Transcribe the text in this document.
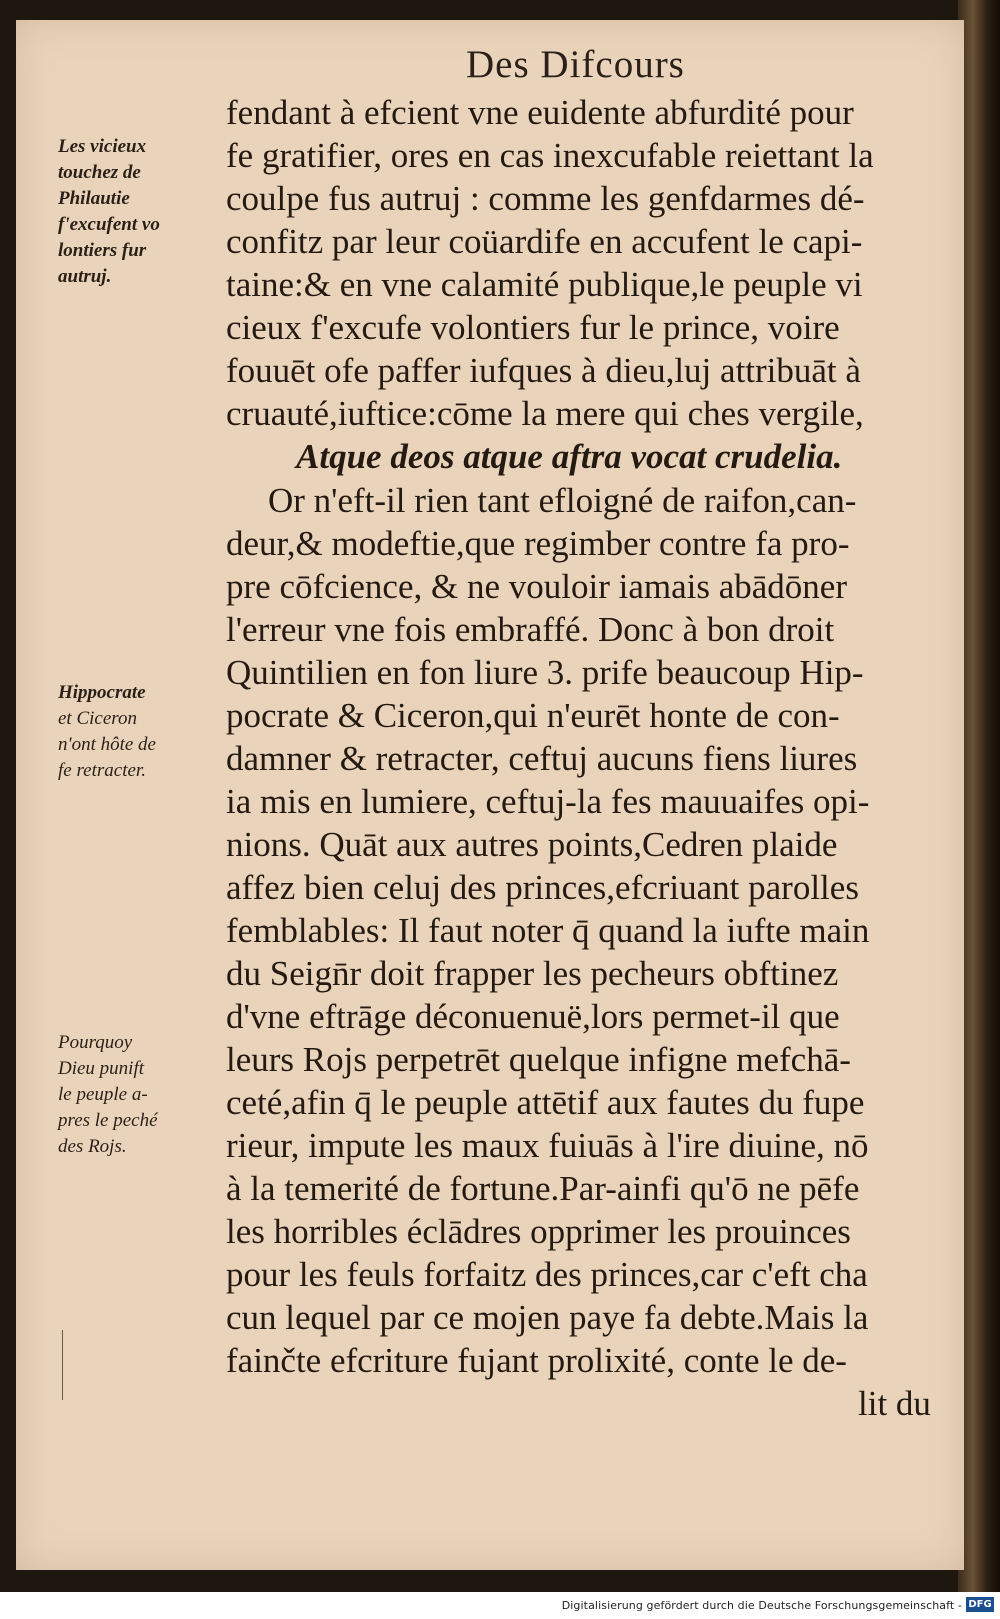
Des Difcours
fendant à efcient vne euidente abfurdité pour
fe gratifier, ores en cas inexcufable reiettant la
coulpe fus autruj : comme les genfdarmes dé-
confitz par leur coüardife en accufent le capi-
taine:& en vne calamité publique,le peuple vi
cieux f'excufe volontiers fur le prince, voire
fouuēt ofe paffer iufques à dieu,luj attribuāt à
cruauté,iuftice:cōme la mere qui ches vergile,
Atque deos atque aftra vocat crudelia.
Or n'eft-il rien tant efloigné de raifon,can-
deur,& modeftie,que regimber contre fa pro-
pre cōfcience, & ne vouloir iamais abādōner
l'erreur vne fois embraffé. Donc à bon droit
Quintilien en fon liure 3. prife beaucoup Hip-
pocrate & Ciceron,qui n'eurēt honte de con-
damner & retracter, ceftuj aucuns fiens liures
ia mis en lumiere, ceftuj-la fes mauuaifes opi-
nions. Quāt aux autres points,Cedren plaide
affez bien celuj des princes,efcriuant parolles
femblables: Il faut noter q̄ quand la iufte main
du Seign̄r doit frapper les pecheurs obftinez
d'vne eftrāge déconuenuë,lors permet-il que
leurs Rojs perpetrēt quelque infigne mefchā-
ceté,afin q̄ le peuple attētif aux fautes du fupe
rieur, impute les maux fuiuās à l'ire diuine, nō
à la temerité de fortune.Par-ainfi qu'ō ne pēfe
les horribles éclādres opprimer les prouinces
pour les feuls forfaitz des princes,car c'eft cha
cun lequel par ce mojen paye fa debte.Mais la
fainčte efcriture fujant prolixité, conte le de-
lit du
Les vicieux
touchez de
Philautie
f'excufent vo
lontiers fur
autruj.
Hippocrate
et Ciceron
n'ont hôte de
fe retracter.
Pourquoy
Dieu punift
le peuple a-
pres le peché
des Rojs.
Digitalisierung gefördert durch die Deutsche Forschungsgemeinschaft - DFG
